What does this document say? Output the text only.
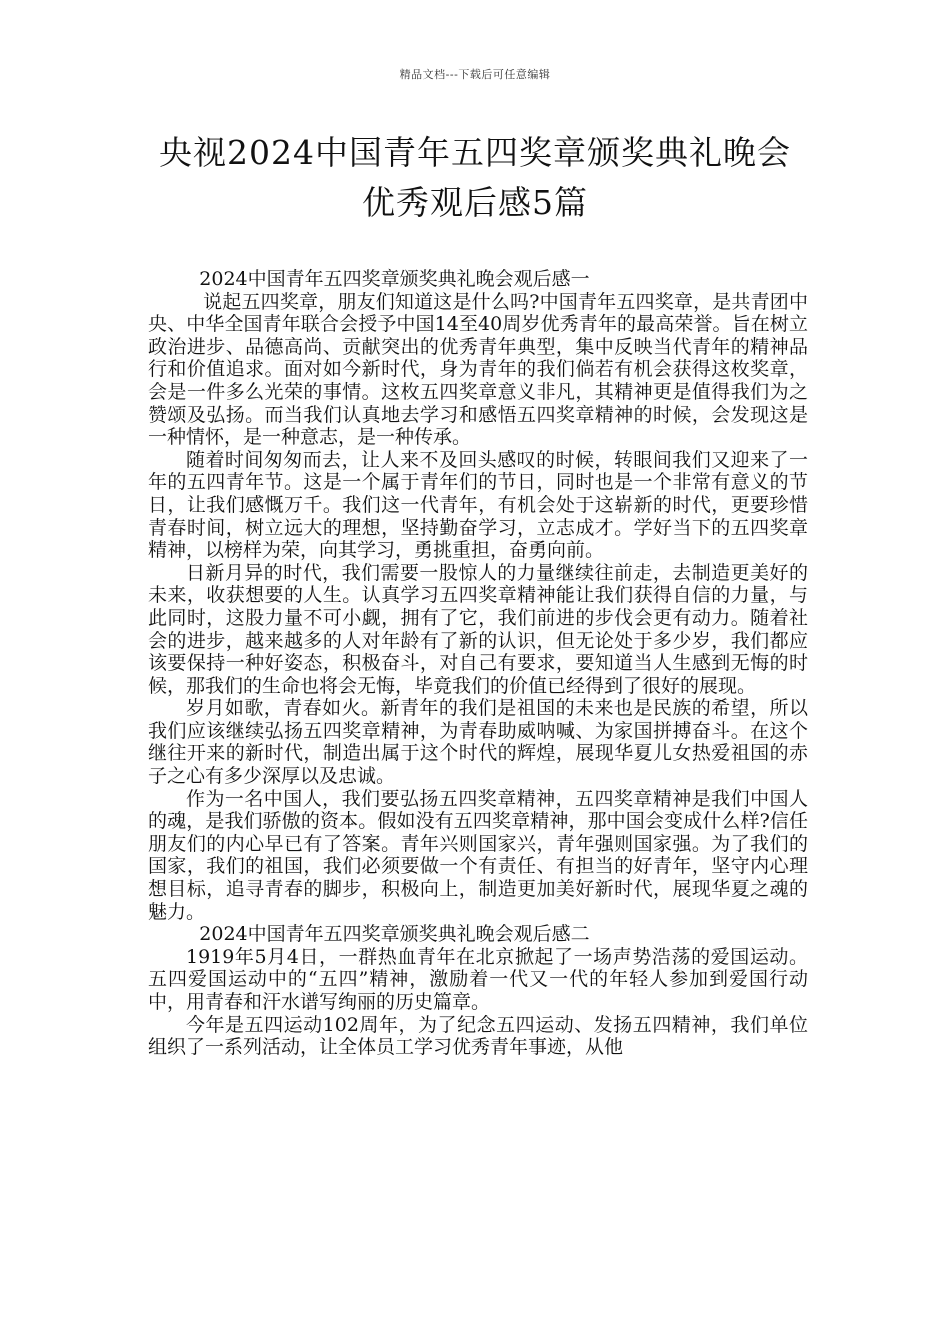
精品文档---下载后可任意编辑
央视2024中国青年五四奖章颁奖典礼晚会
优秀观后感5篇
2024中国青年五四奖章颁奖典礼晚会观后感一

说起五四奖章，朋友们知道这是什么吗?中国青年五四奖章，是共青团中央、中华全国青年联合会授予中国14至40周岁优秀青年的最高荣誉。旨在树立政治进步、品德高尚、贡献突出的优秀青年典型，集中反映当代青年的精神品行和价值追求。面对如今新时代，身为青年的我们倘若有机会获得这枚奖章，会是一件多么光荣的事情。这枚五四奖章意义非凡，其精神更是值得我们为之赞颂及弘扬。而当我们认真地去学习和感悟五四奖章精神的时候，会发现这是一种情怀，是一种意志，是一种传承。

随着时间匆匆而去，让人来不及回头感叹的时候，转眼间我们又迎来了一年的五四青年节。这是一个属于青年们的节日，同时也是一个非常有意义的节日，让我们感慨万千。我们这一代青年，有机会处于这崭新的时代，更要珍惜青春时间，树立远大的理想，坚持勤奋学习，立志成才。学好当下的五四奖章精神，以榜样为荣，向其学习，勇挑重担，奋勇向前。

日新月异的时代，我们需要一股惊人的力量继续往前走，去制造更美好的未来，收获想要的人生。认真学习五四奖章精神能让我们获得自信的力量，与此同时，这股力量不可小觑，拥有了它，我们前进的步伐会更有动力。随着社会的进步，越来越多的人对年龄有了新的认识，但无论处于多少岁，我们都应该要保持一种好姿态，积极奋斗，对自己有要求，要知道当人生感到无悔的时候，那我们的生命也将会无悔，毕竟我们的价值已经得到了很好的展现。

岁月如歌，青春如火。新青年的我们是祖国的未来也是民族的希望，所以我们应该继续弘扬五四奖章精神，为青春助威呐喊、为家国拼搏奋斗。在这个继往开来的新时代，制造出属于这个时代的辉煌，展现华夏儿女热爱祖国的赤子之心有多少深厚以及忠诚。

作为一名中国人，我们要弘扬五四奖章精神，五四奖章精神是我们中国人的魂，是我们骄傲的资本。假如没有五四奖章精神，那中国会变成什么样?信任朋友们的内心早已有了答案。青年兴则国家兴，青年强则国家强。为了我们的国家，我们的祖国，我们必须要做一个有责任、有担当的好青年，坚守内心理想目标，追寻青春的脚步，积极向上，制造更加美好新时代，展现华夏之魂的魅力。

2024中国青年五四奖章颁奖典礼晚会观后感二

1919年5月4日，一群热血青年在北京掀起了一场声势浩荡的爱国运动。五四爱国运动中的“五四”精神，激励着一代又一代的年轻人参加到爱国行动中，用青春和汗水谱写绚丽的历史篇章。

今年是五四运动102周年，为了纪念五四运动、发扬五四精神，我们单位组织了一系列活动，让全体员工学习优秀青年事迹，从他
